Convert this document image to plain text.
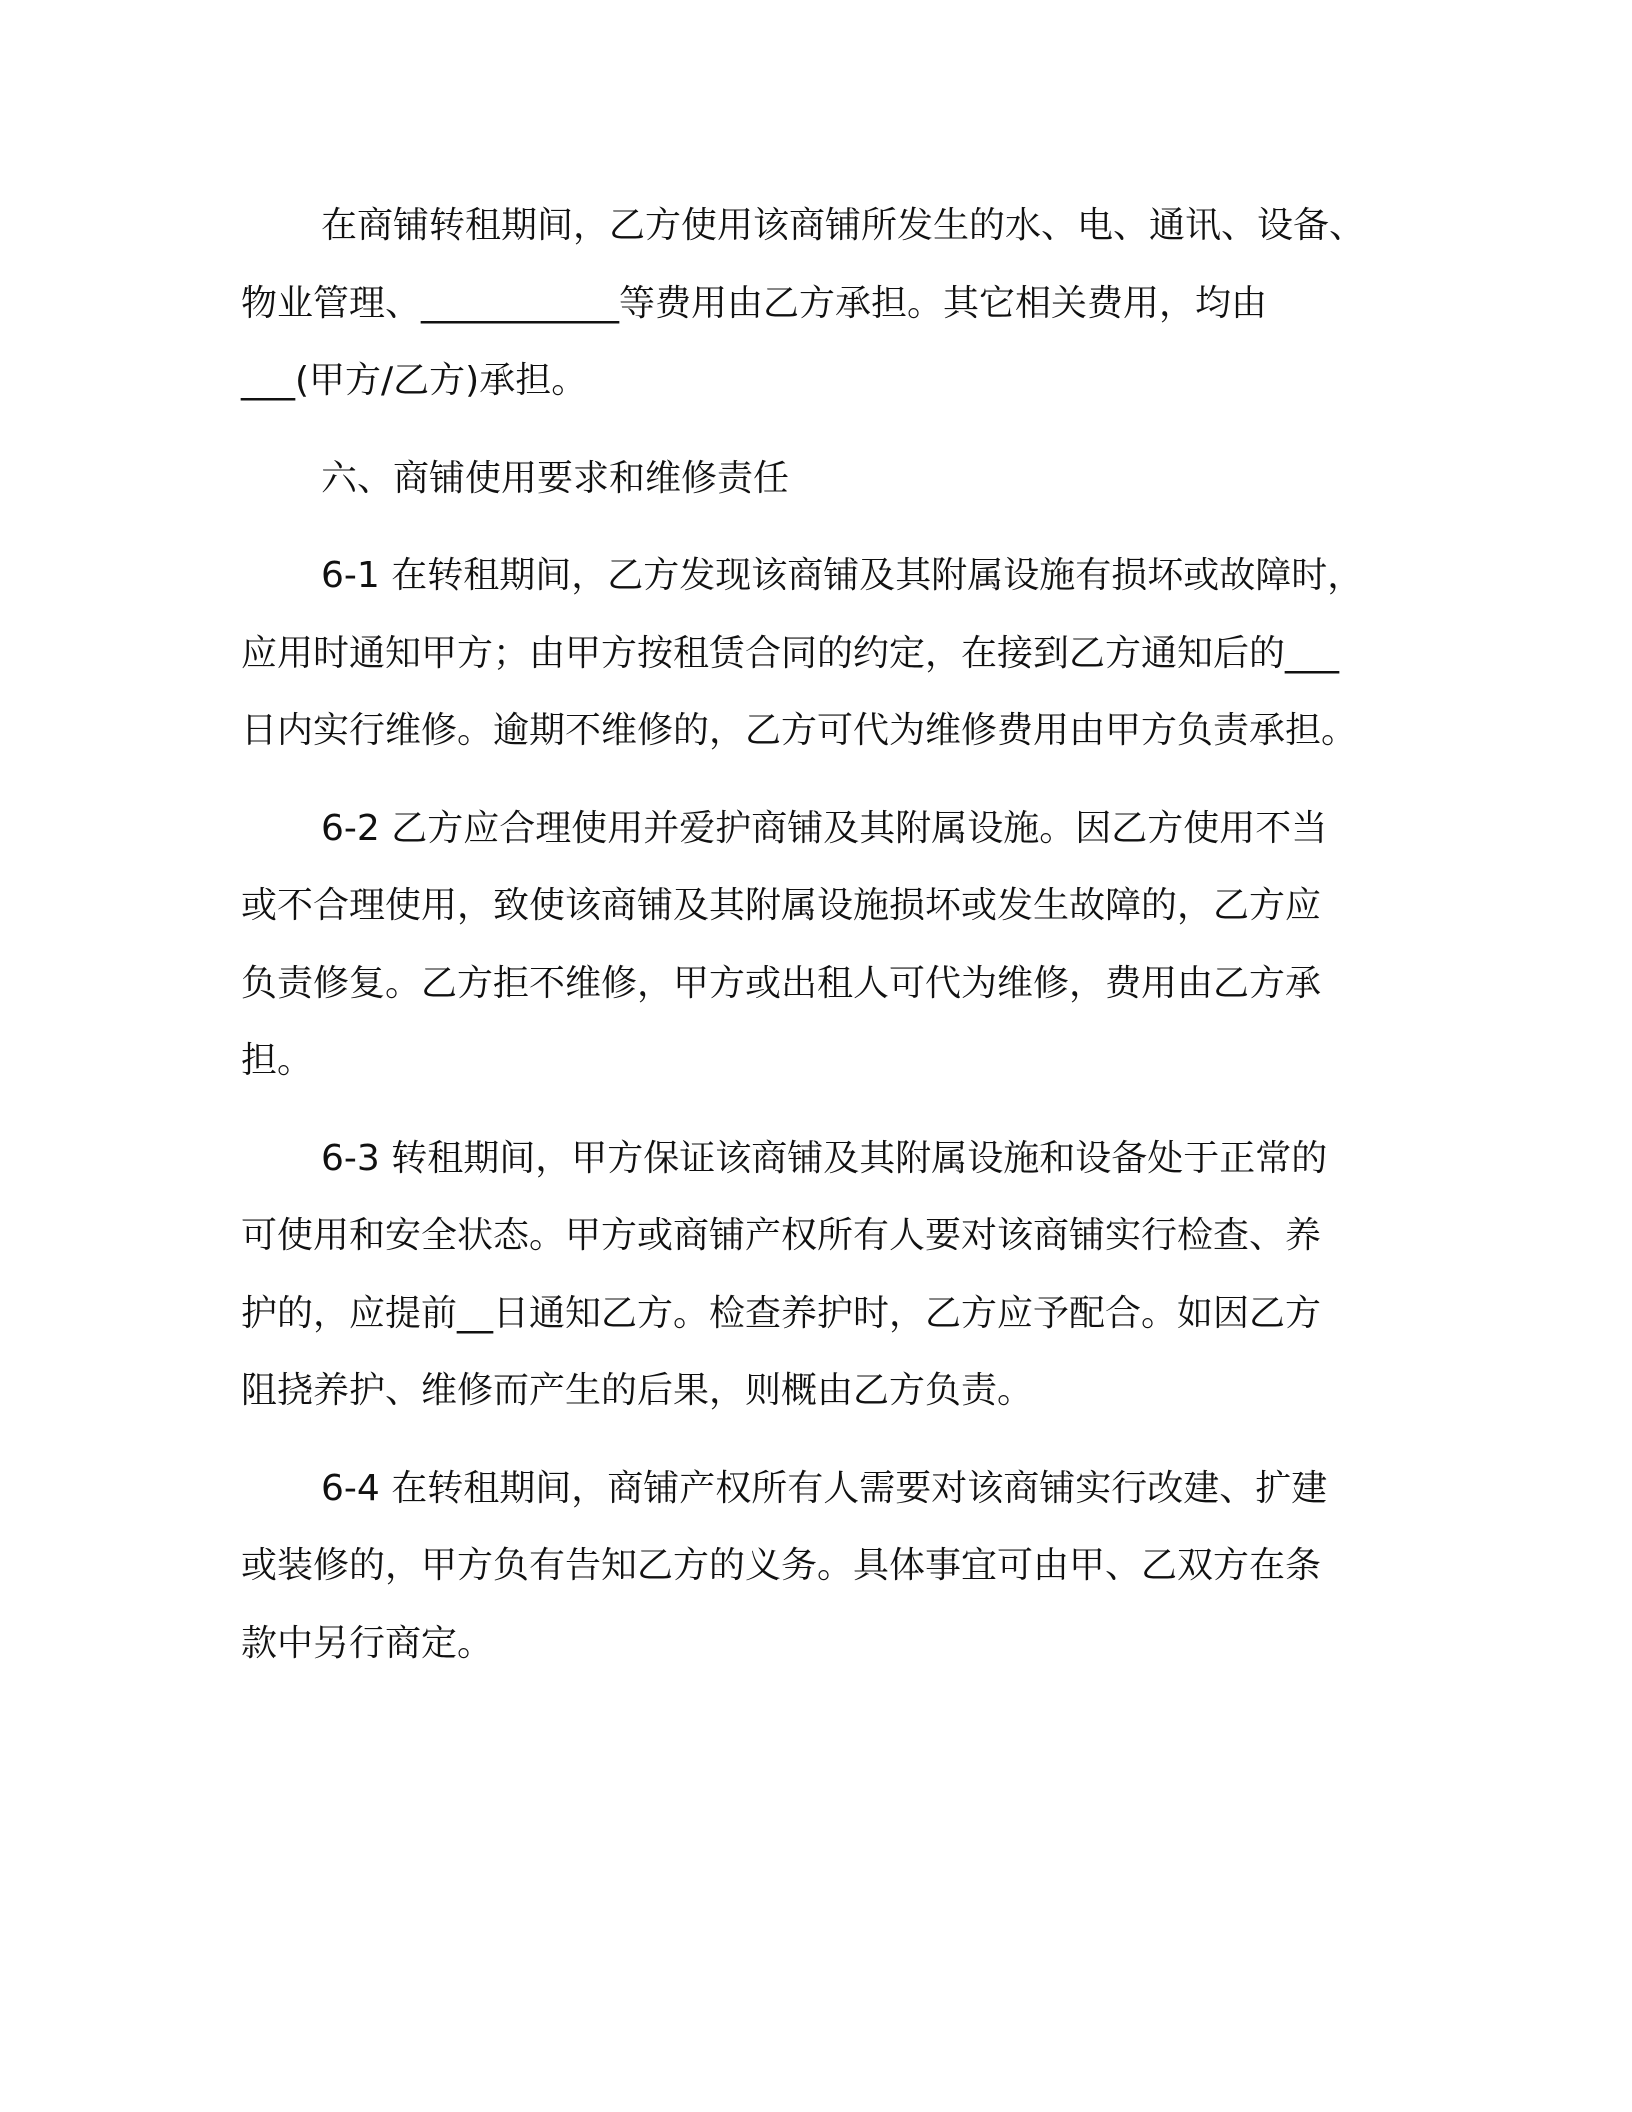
在商铺转租期间，乙方使用该商铺所发生的水、电、通讯、设备、
物业管理、___________等费用由乙方承担。其它相关费用，均由
___(甲方/乙方)承担。
六、商铺使用要求和维修责任
6-1 在转租期间，乙方发现该商铺及其附属设施有损坏或故障时，
应用时通知甲方；由甲方按租赁合同的约定，在接到乙方通知后的___
日内实行维修。逾期不维修的，乙方可代为维修费用由甲方负责承担。
6-2 乙方应合理使用并爱护商铺及其附属设施。因乙方使用不当
或不合理使用，致使该商铺及其附属设施损坏或发生故障的，乙方应
负责修复。乙方拒不维修，甲方或出租人可代为维修，费用由乙方承
担。
6-3 转租期间，甲方保证该商铺及其附属设施和设备处于正常的
可使用和安全状态。甲方或商铺产权所有人要对该商铺实行检查、养
护的，应提前__日通知乙方。检查养护时，乙方应予配合。如因乙方
阻挠养护、维修而产生的后果，则概由乙方负责。
6-4 在转租期间，商铺产权所有人需要对该商铺实行改建、扩建
或装修的，甲方负有告知乙方的义务。具体事宜可由甲、乙双方在条
款中另行商定。
